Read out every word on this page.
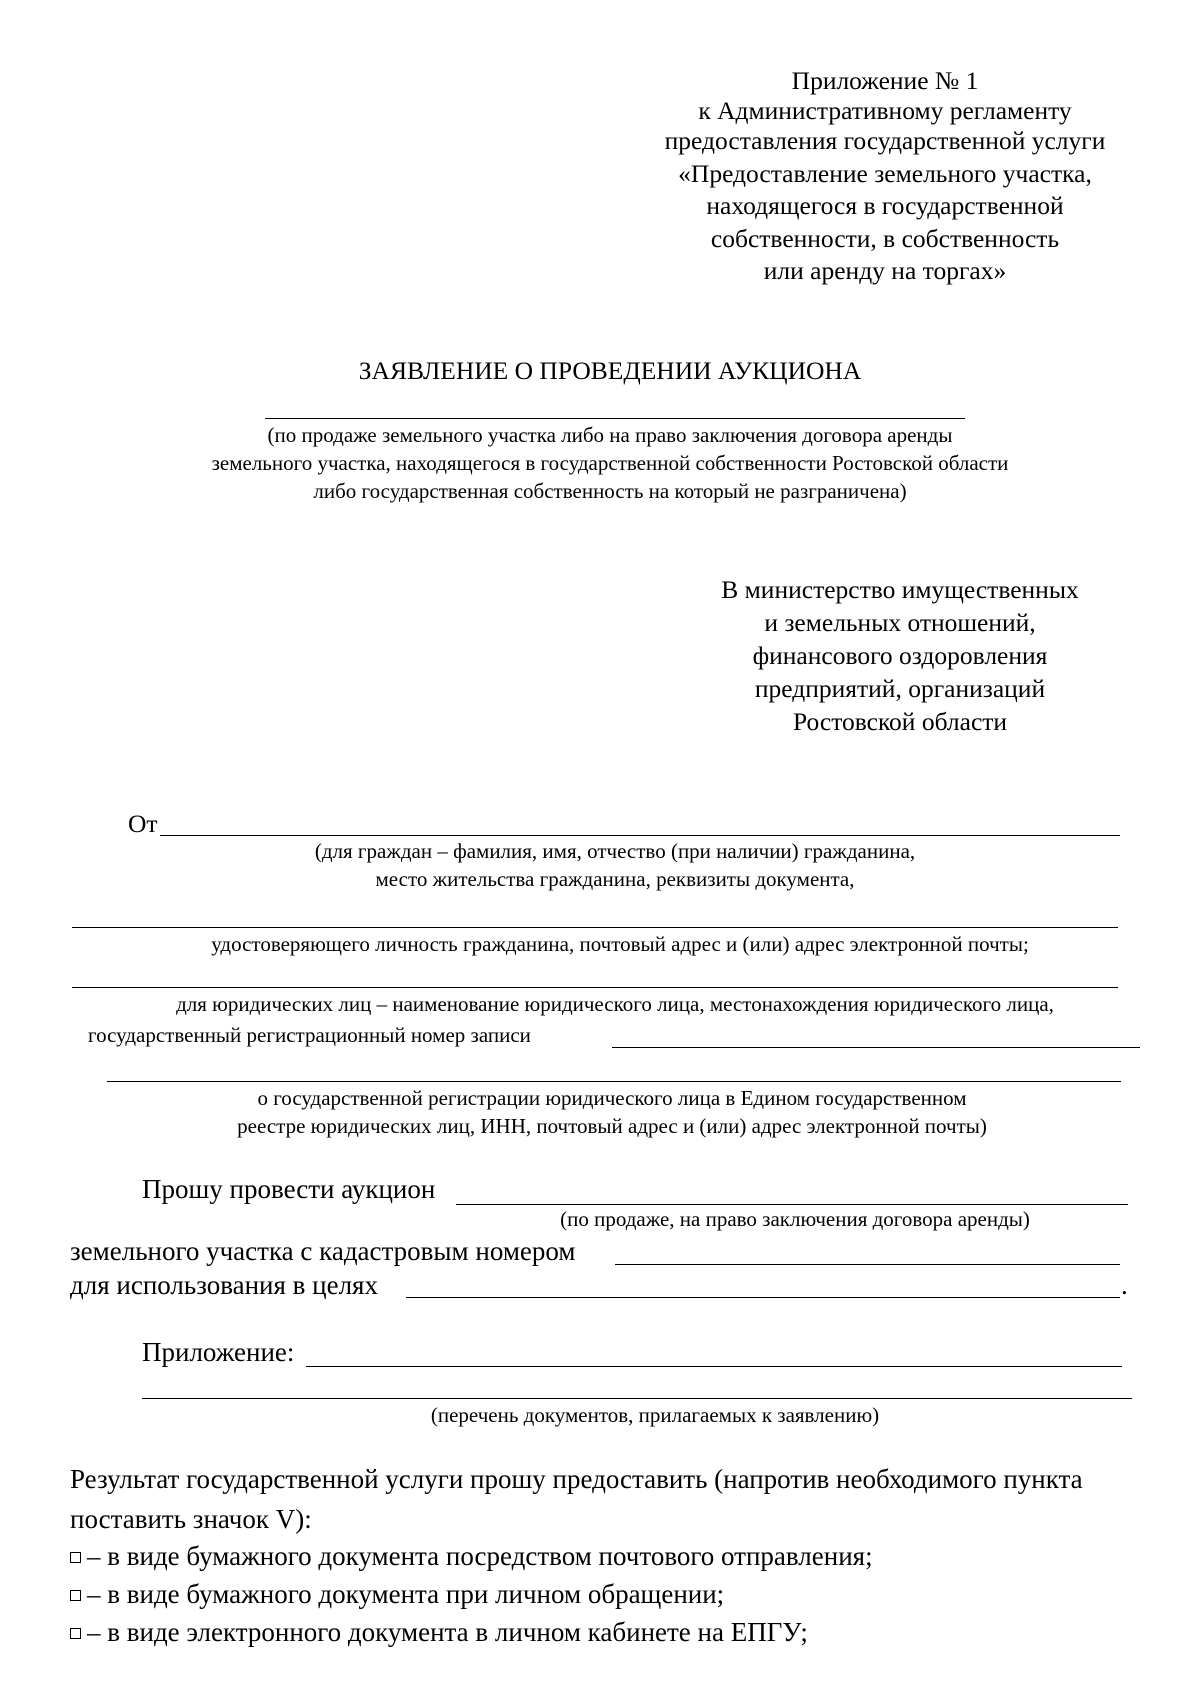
Приложение № 1
к Административному регламенту
предоставления государственной услуги
«Предоставление земельного участка,
находящегося в государственной
собственности, в собственность
или аренду на торгах»
ЗАЯВЛЕНИЕ О ПРОВЕДЕНИИ АУКЦИОНА
(по продаже земельного участка либо на право заключения договора аренды
земельного участка, находящегося в государственной собственности Ростовской области
либо государственная собственность на который не разграничена)
В министерство имущественных
и земельных отношений,
финансового оздоровления
предприятий, организаций
Ростовской области
От
(для граждан – фамилия, имя, отчество (при наличии) гражданина,
место жительства гражданина, реквизиты документа,
удостоверяющего личность гражданина, почтовый адрес и (или) адрес электронной почты;
для юридических лиц – наименование юридического лица, местонахождения юридического лица,
государственный регистрационный номер записи
о государственной регистрации юридического лица в Едином государственном
реестре юридических лиц, ИНН, почтовый адрес и (или) адрес электронной почты)
Прошу провести аукцион
(по продаже, на право заключения договора аренды)
земельного участка с кадастровым номером
для использования в целях	.
Приложение:
(перечень документов, прилагаемых к заявлению)
Результат государственной услуги прошу предоставить (напротив необходимого пункта
поставить значок V):
– в виде бумажного документа посредством почтового отправления;
– в виде бумажного документа при личном обращении;
– в виде электронного документа в личном кабинете на ЕПГУ;
